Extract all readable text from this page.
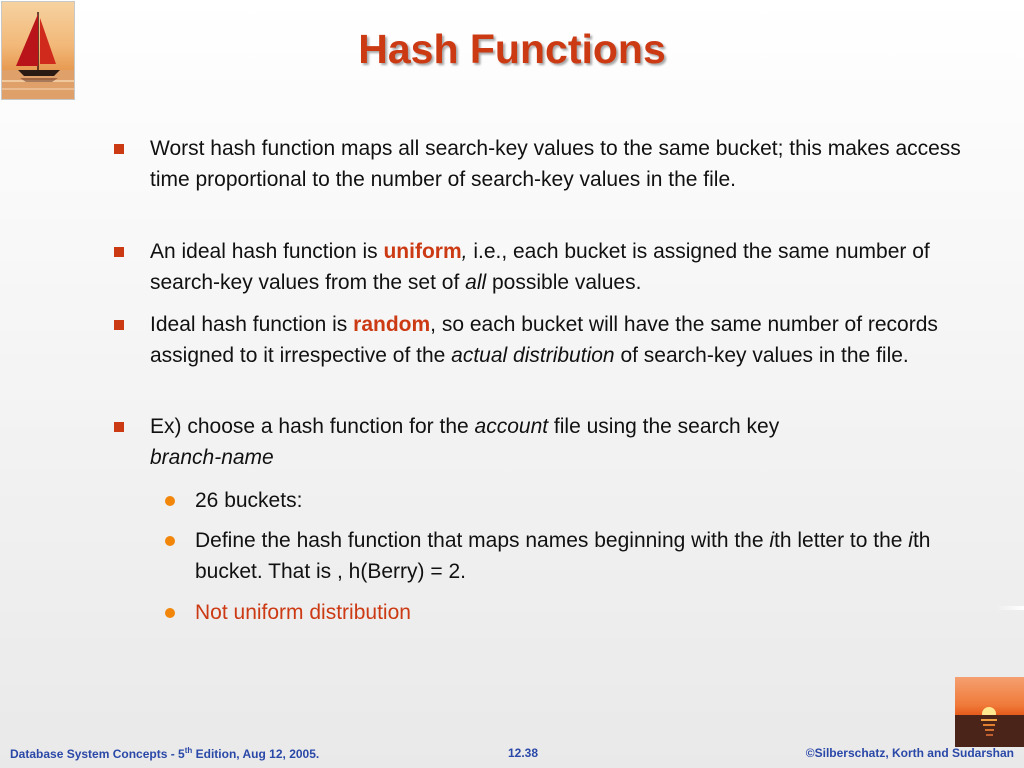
Hash Functions
Worst hash function maps all search-key values to the same bucket; this makes access time proportional to the number of search-key values in the file.
An ideal hash function is uniform, i.e., each bucket is assigned the same number of search-key values from the set of all possible values.
Ideal hash function is random, so each bucket will have the same number of records assigned to it irrespective of the actual distribution of search-key values in the file.
Ex) choose a hash function for the account file using the search key
branch-name
26 buckets:
Define the hash function that maps names beginning with the ith letter to the ith bucket. That is , h(Berry) = 2.
Not uniform distribution
Database System Concepts - 5th Edition, Aug 12, 2005.	12.38	©Silberschatz, Korth and Sudarshan
